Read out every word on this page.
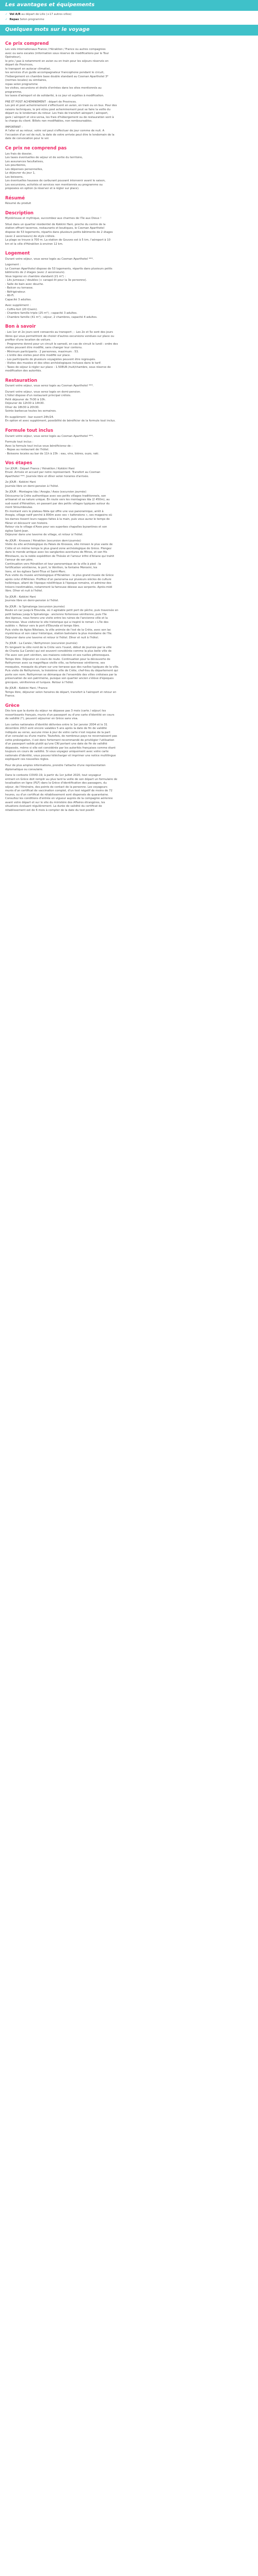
Les avantages et équipements
✓ Vol A/R au départ de Lille (+17 autres villes)
✓ Repas Selon programme
Quelques mots sur le voyage
Ce prix comprend
Les vols internationaux France / Héraklion / France ou autres compagnies
avec ou sans escales (information sous réserve de modifications par le Tour
Opérateur),
le prix / pax à notamment en avion ou en train pour les séjours réservés en
départ de Provinces,
le transport en autocar climatisé,
les services d'un guide accompagnateur francophone pendant le circuit,
l'hébergement en chambre base double standard au Cosman Aparthotel 3*
(normes locales) ou similaires,
repas selon programme
les visites, excursions et droits d'entrées dans les sites mentionnés au
programme,
les taxes d'aéroport et de solidarité, à ce jour et sujettes à modification.
PRE ET POST ACHEMINEMENT : départ de Provinces.
Les pré et post acheminement s'effectuent en avion, en train ou en bus. Pour des
raisons techniques, le pré et/ou post acheminement peut se faire la veille du
départ ou le lendemain du retour. Les frais de transfert aéroport / aéroport,
gare / aéroport et vice-versa, les frais d'hébergement ou de restauration sont à
la charge du client. Billets non modifiables, non remboursables.
IMPORTANT :
A l'aller et au retour, votre vol peut s'effectuer de jour comme de nuit. A
l'occasion d'un vol de nuit, la date de votre arrivée peut être le lendemain de la
date de convocation pour le vol.
Ce prix ne comprend pas
Les frais de dossier,
Les taxes éventuelles de séjour et de sortie du territoire,
Les assurances facultatives,
Les pourboires,
Les dépenses personnelles,
Le déjeuner du jour 1,
Les boissons,
Les éventuelles hausses de carburant pouvant intervenir avant le saison,
Les excursions, activités et services non mentionnés au programme ou
proposées en option (à réserver et à régler sur place).
Résumé
Résumé du produit
Description
Mystérieuse et mythique, succombez aux charmes de l'île aux Dieux !
Situé dans un quartier résidentiel de Kokkini Hani, proche du centre de la
station offrant tavernes, restaurants et boutiques, le Cosman Aparthotel
dispose de 53 logements, répartis dans plusieurs petits bâtiments de 2 étages
(avec 2 ascenseurs) de style crétois.
La plage se trouve à 700 m. La station de Gouves est à 5 km, l'aéroport à 10
km et la ville d'Héraklion à environ 12 km.
Logement
Durant votre séjour, vous serez logés au Cosman Aparthotel ***.
Logement :
Le Cosman Aparthotel dispose de 53 logements, répartis dans plusieurs petits
bâtiments de 2 étages (avec 2 ascenseurs).
Vous logerez en chambre standard (21 m²) :
- Lits jumeaux / doubles (+ canapé-lit pour la 3e personne).
- Salle de bain avec douche.
- Balcon ou terrasse.
- Réfrigérateur.
- Wi-Fi.
Capacité 3 adultes.
Avec supplément :
- Coffre-fort (20 €/sem).
- Chambre famille triple (25 m²) ; capacité 3 adultes.
- Chambre famille (41 m²) ; séjour, 2 chambres, capacité 4 adultes.
Bon à savoir
- Les 1er et 2e jours sont consacrés au transport ; - Les 2e et 5e sont des jours
libres qui vous permettront de choisir d'autres excursions vendues sur place ou
profiter d'une location de voiture.
- Programme donné pour un circuit le samedi, en cas de circuit le lundi : ordre des
visites pouvant être modifié, sans changer leur contenu.
- Minimum participants : 2 personnes, maximum : 53.
- L'ordre des visites peut être modifié sur place.
- Les participants de plusieurs voyagistes peuvent être regroupés.
- Visites des musées et des sites archéologiques incluses dans le tarif.
- Taxes de séjour à régler sur place : 1.50EUR /nuit/chambre, sous réserve de
modification des autorités.
Restauration
Durant votre séjour, vous serez logés au Cosman Aparthotel ***.
Durant votre séjour, vous serez logés en demi-pension.
L'hôtel dispose d'un restaurant principal crétois.
Petit déjeuner de 7h30 à 10h.
Déjeuner de 12h30 à 14h30.
Dîner de 18h30 à 20h30.
Soirée barbecue toutes les semaines.
En supplément : bar ouvert 24h/24.
En option et avec supplément, possibilité de bénéficier de la formule tout inclus.
Formule tout inclus
Durant votre séjour, vous serez logés au Cosman Aparthotel ***.
Formule tout inclus :
Avec la formule tout inclus vous bénéficierez de :
- Repas au restaurant de l'hôtel.
- Boissons locales au bar de 11h à 23h : eau, vins, bières, ouzo, raki.
Vos étapes
1er JOUR : Départ France / Héraklion / Kokkini Hani
Envol. Arrivée et accueil par notre représentant. Transfert au Cosman
Aparthotel ***. Journée libre et dîner selon horaires d'arrivée.
2e JOUR : Kokkini Hani
Journée libre en demi-pension à l'hôtel.
3e JOUR : Montagne Ida / Anogia / Axos (excursion journée)
Découvrez la Crète authentique avec ses petits villages traditionnels, son
artisanat et sa nature unique. En route vers les montagnes Ida (2 450m), au
sud-ouest d'Héraklion, en passant par des petits villages typiques autour du
mont Stroumboulas.
En montant vers le plateau Nida qui offre une vue panoramique, arrêt à
Anogia, village natif perché à 800m avec ses « kafeneions », ses magasins où
les dames tissent leurs nappes faites à la main, puis vous aurez le temps de
flâner et découvrir son histoire.
Retour via le village d'Axos pour ses superbes chapelles byzantines et son
église Saint-Jean.
Déjeuner dans une taverne de village, et retour à l'hôtel.
4e JOUR : Knossos / Héraklion (excursion demi-journée)
Visite du site archéologique du Palais de Knossos, site minoen le plus vaste de
Crète et en même temps le plus grand zone archéologique de Grèce. Plongez
dans le monde antique avec les sanglantes aventures de Minos, et son fils
Minotaure, ou la noble expédition de Thésée et l'amour infini d'Ariane qui trahit
l'amour de son père.
Continuation vers Héraklion et tour panoramique de la ville à pied : la
fortification vénitienne, le port, le Vénitien, la fontaine Morosini, les
lions, et les églises Saint-Titus et Saint-Marc.
Puis visite du musée archéologique d'Héraklion : le plus grand musée de Grèce
après celui d'Athènes. Profitez d'un panorama sur plusieurs siècles de culture
hellénique, allant de l'époque néolithique à l'époque romaine, et admirez des
trésors inestimables, notamment la fameuse déesse aux serpents. Après-midi
libre. Dîner et nuit à l'hôtel.
5e JOUR : Kokkini Hani
Journée libre en demi-pension à l'hôtel.
6e JOUR : le Spinalonga (excursion journée)
Route en car jusqu'à Elounda, où il agréable petit port de pêche, puis traversée en
petit bateau jusqu'à Spinalonga : ancienne forteresse vénitienne, puis l'île
des lépreux, nous ferons une visite entre les ruines de l'ancienne ville et la
forteresse. Vous visiterez le site historique qui a inspiré le roman « L'île des
oubliés ». Retour vers le port d'Elounda et temps libre.
Puis visite de Agios Nikolaos, la ville animée de l'est de la Crète, avec son lac
mystérieux et son cœur historique, station balnéaire la plus mondaine de l'île.
Déjeuner dans une taverne et retour à l'hôtel. Dîner et nuit à l'hôtel.
7e JOUR : La Canée / Rethymnon (excursion journée)
En longeant la côte nord de la Crète vers l'ouest, début de journée par la ville
de Chania (La Canée) qui est souvent considérée comme la plus belle ville de
l'île avec son port vénitien, ses maisons colorées et ses ruelles pittoresques.
Temps libre. Déjeuner en cours de route. Continuation pour la découverte de
Rethymnon avec sa magnifique vieille ville, sa forteresse vénitienne, ses
mosquées, mosquée du phare sur une terrasse que des ruelles typiques de la ville.
Puis visite de Rethymnon, la troisième ville de Crète, chef-lieu du département qui
porte son nom. Rethymnon se démarque de l'ensemble des villes crétoises par la
préservation de son patrimoine, puisque son quartier ancien s'élève d'époques
grecques, vénitiennes et turques. Retour à l'hôtel.
8e JOUR : Kokkini Hani / France
Temps libre, déjeuner selon horaires de départ, transfert à l'aéroport et retour en
France.
Grèce
Dès lors que la durée du séjour ne dépasse pas 3 mois (carte / séjour) les
ressortissants français, munis d'un passeport ou d'une carte d'identité en cours
de validité (*), peuvent séjourner en Grèce sans visa.
Les cartes nationales d'identité délivrées entre le 1er janvier 2004 et le 31
décembre 2013 sont encore valables 5 ans après la date de fin de validité
indiquée au verso, aucune mise à jour de votre carte n'est requise de la part
d'un consulat ou d'une mairie. Toutefois, de nombreux pays ne reconnaissent pas
cette prolongation, il est donc fortement recommandé de privilégier l'utilisation
d'un passeport valide plutôt qu'une CNI portant une date de fin de validité
dépassée, même si elle est considérée par les autorités françaises comme étant
toujours en cours de validité. Si vous voyagez uniquement avec votre carte
nationale d'identité, vous pouvez télécharger et imprimer une notice multilingue
expliquant ces nouvelles règles.
Pour de plus amples informations, prendre l'attache d'une représentation
diplomatique ou consulaire.
Dans le contexte COVID-19, à partir du 1er juillet 2020, tout voyageur
entrant en Grèce doit remplir au plus tard la veille de son départ un formulaire de
localisation en ligne (PLF) dans la Grèce d'identification des passagers, du
séjour, de l'itinéraire, des points de contact de la personne. Les voyageurs
munis d'un certificat de vaccination complet, d'un test négatif de moins de 72
heures, ou d'un certificat de rétablissement sont dispensés de quarantaine.
Consultez les conditions d'entrée en vigueur auprès de la compagnie aérienne
avant votre départ et sur le site du ministère des Affaires étrangères, les
situations évoluant régulièrement. La durée de validité du certificat de
rétablissement est de 6 mois à compter de la date du test positif.
